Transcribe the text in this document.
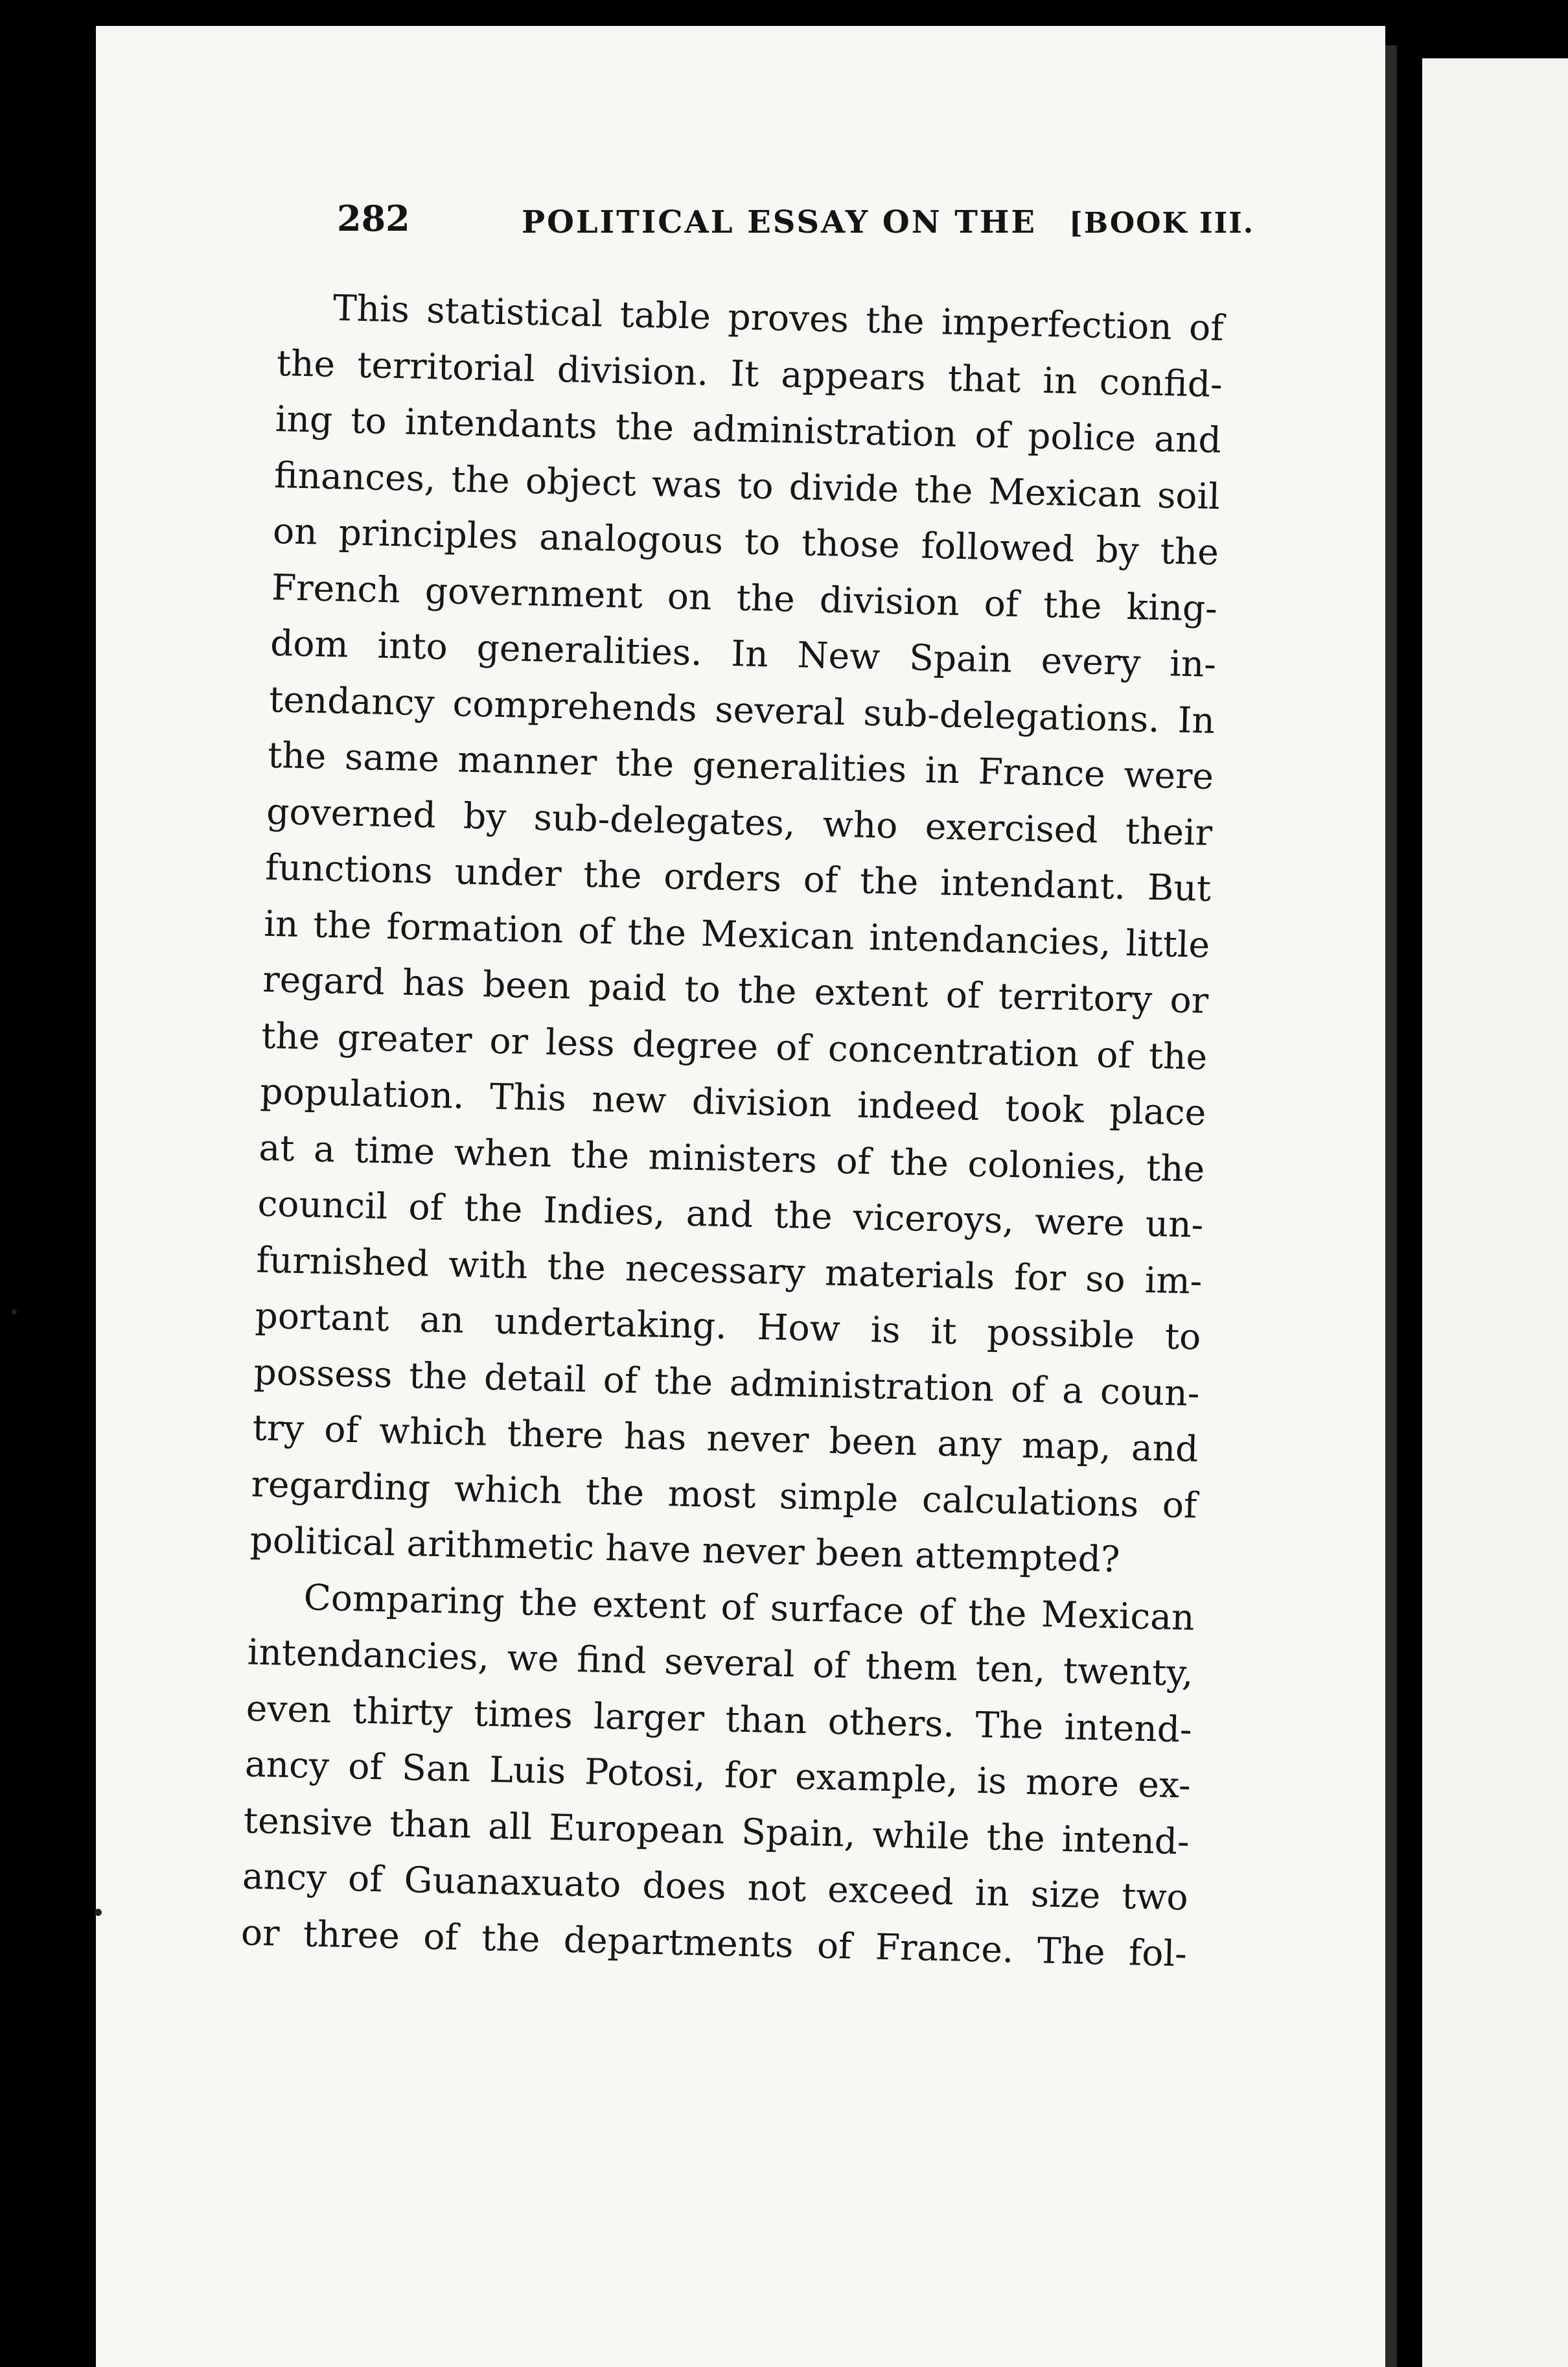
282	POLITICAL ESSAY ON THE [BOOK III.

This statistical table proves the imperfection of
the territorial division. It appears that in confid-
ing to intendants the administration of police and
finances, the object was to divide the Mexican soil
on principles analogous to those followed by the
French government on the division of the king-
dom into generalities. In New Spain every in-
tendancy comprehends several sub-delegations. In
the same manner the generalities in France were
governed by sub-delegates, who exercised their
functions under the orders of the intendant. But
in the formation of the Mexican intendancies, little
regard has been paid to the extent of territory or
the greater or less degree of concentration of the
population. This new division indeed took place
at a time when the ministers of the colonies, the
council of the Indies, and the viceroys, were un-
furnished with the necessary materials for so im-
portant an undertaking. How is it possible to
possess the detail of the administration of a coun-
try of which there has never been any map, and
regarding which the most simple calculations of
political arithmetic have never been attempted?

Comparing the extent of surface of the Mexican
intendancies, we find several of them ten, twenty,
even thirty times larger than others. The intend-
ancy of San Luis Potosi, for example, is more ex-
tensive than all European Spain, while the intend-
ancy of Guanaxuato does not exceed in size two
or three of the departments of France. The fol-
